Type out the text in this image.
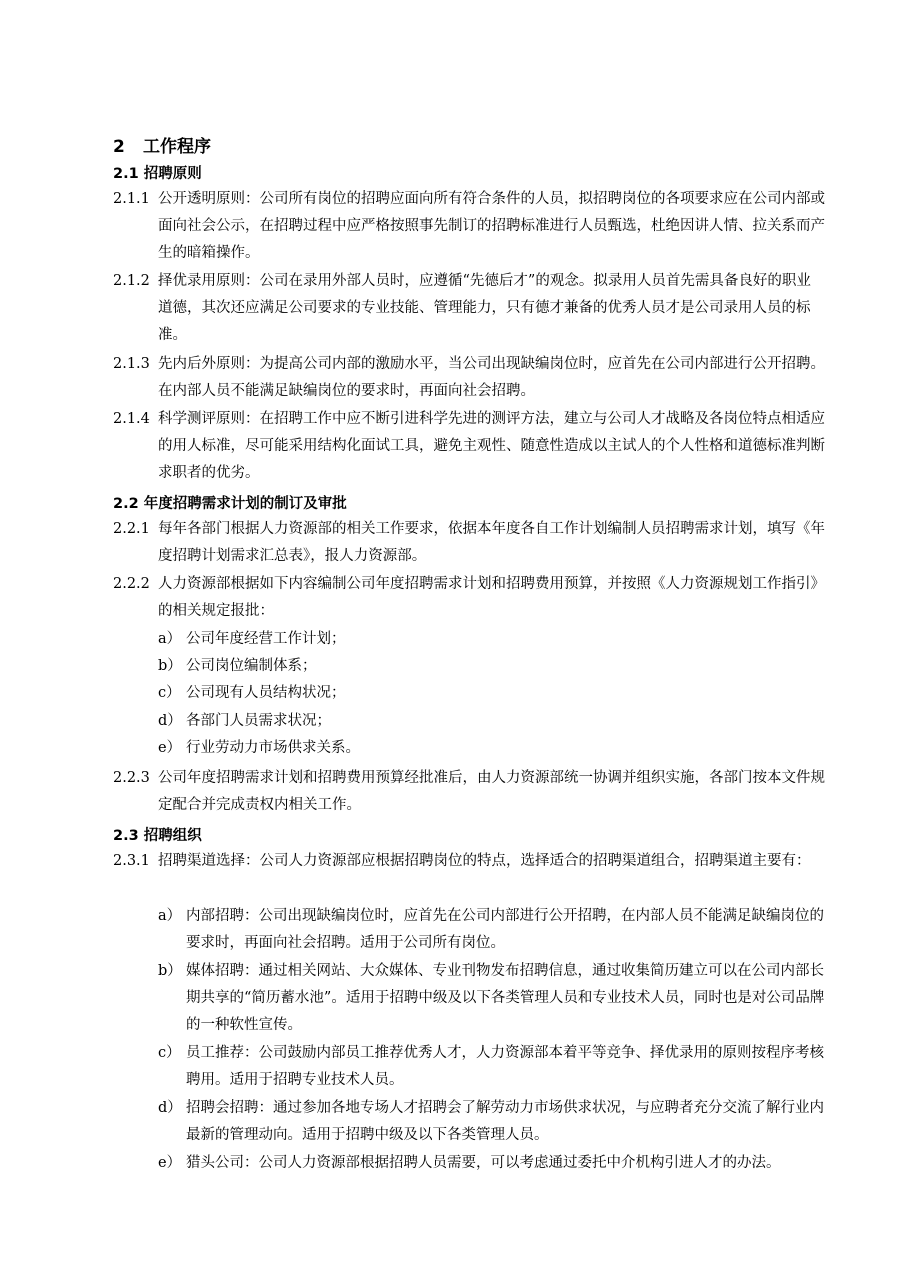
2 工作程序
2.1 招聘原则
2.1.1 公开透明原则：公司所有岗位的招聘应面向所有符合条件的人员，拟招聘岗位的各项要求应在公司内部或面向社会公示，在招聘过程中应严格按照事先制订的招聘标准进行人员甄选，杜绝因讲人情、拉关系而产生的暗箱操作。
2.1.2 择优录用原则：公司在录用外部人员时，应遵循“先德后才”的观念。拟录用人员首先需具备良好的职业道德，其次还应满足公司要求的专业技能、管理能力，只有德才兼备的优秀人员才是公司录用人员的标准。
2.1.3 先内后外原则：为提高公司内部的激励水平，当公司出现缺编岗位时，应首先在公司内部进行公开招聘。在内部人员不能满足缺编岗位的要求时，再面向社会招聘。
2.1.4 科学测评原则：在招聘工作中应不断引进科学先进的测评方法，建立与公司人才战略及各岗位特点相适应的用人标准，尽可能采用结构化面试工具，避免主观性、随意性造成以主试人的个人性格和道德标准判断求职者的优劣。
2.2 年度招聘需求计划的制订及审批
2.2.1 每年各部门根据人力资源部的相关工作要求，依据本年度各自工作计划编制人员招聘需求计划，填写《年度招聘计划需求汇总表》，报人力资源部。
2.2.2 人力资源部根据如下内容编制公司年度招聘需求计划和招聘费用预算，并按照《人力资源规划工作指引》的相关规定报批：
a） 公司年度经营工作计划；
b） 公司岗位编制体系；
c） 公司现有人员结构状况；
d） 各部门人员需求状况；
e） 行业劳动力市场供求关系。
2.2.3 公司年度招聘需求计划和招聘费用预算经批准后，由人力资源部统一协调并组织实施，各部门按本文件规定配合并完成责权内相关工作。
2.3 招聘组织
2.3.1 招聘渠道选择：公司人力资源部应根据招聘岗位的特点，选择适合的招聘渠道组合，招聘渠道主要有：
a） 内部招聘：公司出现缺编岗位时，应首先在公司内部进行公开招聘，在内部人员不能满足缺编岗位的要求时，再面向社会招聘。适用于公司所有岗位。
b） 媒体招聘：通过相关网站、大众媒体、专业刊物发布招聘信息，通过收集简历建立可以在公司内部长期共享的“简历蓄水池”。适用于招聘中级及以下各类管理人员和专业技术人员，同时也是对公司品牌的一种软性宣传。
c） 员工推荐：公司鼓励内部员工推荐优秀人才，人力资源部本着平等竞争、择优录用的原则按程序考核聘用。适用于招聘专业技术人员。
d） 招聘会招聘：通过参加各地专场人才招聘会了解劳动力市场供求状况，与应聘者充分交流了解行业内最新的管理动向。适用于招聘中级及以下各类管理人员。
e） 猎头公司：公司人力资源部根据招聘人员需要，可以考虑通过委托中介机构引进人才的办法。
